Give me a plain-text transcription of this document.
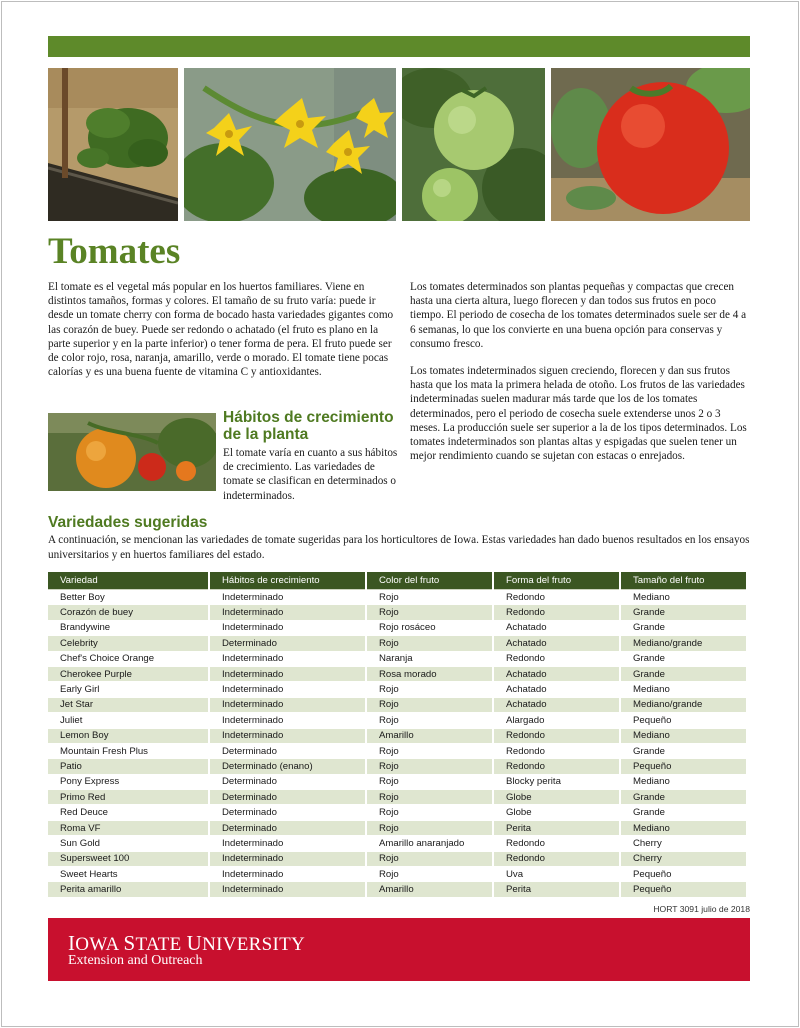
Tomates

El tomate es el vegetal más popular en los huertos familiares. Viene en distintos tamaños, formas y colores. El tamaño de su fruto varía: puede ir desde un tomate cherry con forma de bocado hasta variedades gigantes como las corazón de buey. Puede ser redondo o achatado (el fruto es plano en la parte superior y en la parte inferior) o tener forma de pera. El fruto puede ser de color rojo, rosa, naranja, amarillo, verde o morado. El tomate tiene pocas calorías y es una buena fuente de vitamina C y antioxidantes.

Hábitos de crecimiento de la planta

El tomate varía en cuanto a sus hábitos de crecimiento. Las variedades de tomate se clasifican en determinados o indeterminados.

Los tomates determinados son plantas pequeñas y compactas que crecen hasta una cierta altura, luego florecen y dan todos sus frutos en poco tiempo. El periodo de cosecha de los tomates determinados suele ser de 4 a 6 semanas, lo que los convierte en una buena opción para conservas y consumo fresco.

Los tomates indeterminados siguen creciendo, florecen y dan sus frutos hasta que los mata la primera helada de otoño. Los frutos de las variedades indeterminadas suelen madurar más tarde que los de los tomates determinados, pero el periodo de cosecha suele extenderse unos 2 o 3 meses. La producción suele ser superior a la de los tipos determinados. Los tomates indeterminados son plantas altas y espigadas que suelen tener un mejor rendimiento cuando se sujetan con estacas o enrejados.

Variedades sugeridas
A continuación, se mencionan las variedades de tomate sugeridas para los horticultores de Iowa. Estas variedades han dado buenos resultados en los ensayos universitarios y en huertos familiares del estado.
Variedad	Hábitos de crecimiento	Color del fruto	Forma del fruto	Tamaño del fruto
Better Boy	Indeterminado	Rojo	Redondo	Mediano
Corazón de buey	Indeterminado	Rojo	Redondo	Grande
Brandywine	Indeterminado	Rojo rosáceo	Achatado	Grande
Celebrity	Determinado	Rojo	Achatado	Mediano/grande
Chef's Choice Orange	Indeterminado	Naranja	Redondo	Grande
Cherokee Purple	Indeterminado	Rosa morado	Achatado	Grande
Early Girl	Indeterminado	Rojo	Achatado	Mediano
Jet Star	Indeterminado	Rojo	Achatado	Mediano/grande
Juliet	Indeterminado	Rojo	Alargado	Pequeño
Lemon Boy	Indeterminado	Amarillo	Redondo	Mediano
Mountain Fresh Plus	Determinado	Rojo	Redondo	Grande
Patio	Determinado (enano)	Rojo	Redondo	Pequeño
Pony Express	Determinado	Rojo	Blocky perita	Mediano
Primo Red	Determinado	Rojo	Globe	Grande
Red Deuce	Determinado	Rojo	Globe	Grande
Roma VF	Determinado	Rojo	Perita	Mediano
Sun Gold	Indeterminado	Amarillo anaranjado	Redondo	Cherry
Supersweet 100	Indeterminado	Rojo	Redondo	Cherry
Sweet Hearts	Indeterminado	Rojo	Uva	Pequeño
Perita amarillo	Indeterminado	Amarillo	Perita	Pequeño
HORT 3091 julio de 2018
IOWA STATE UNIVERSITY
Extension and Outreach
